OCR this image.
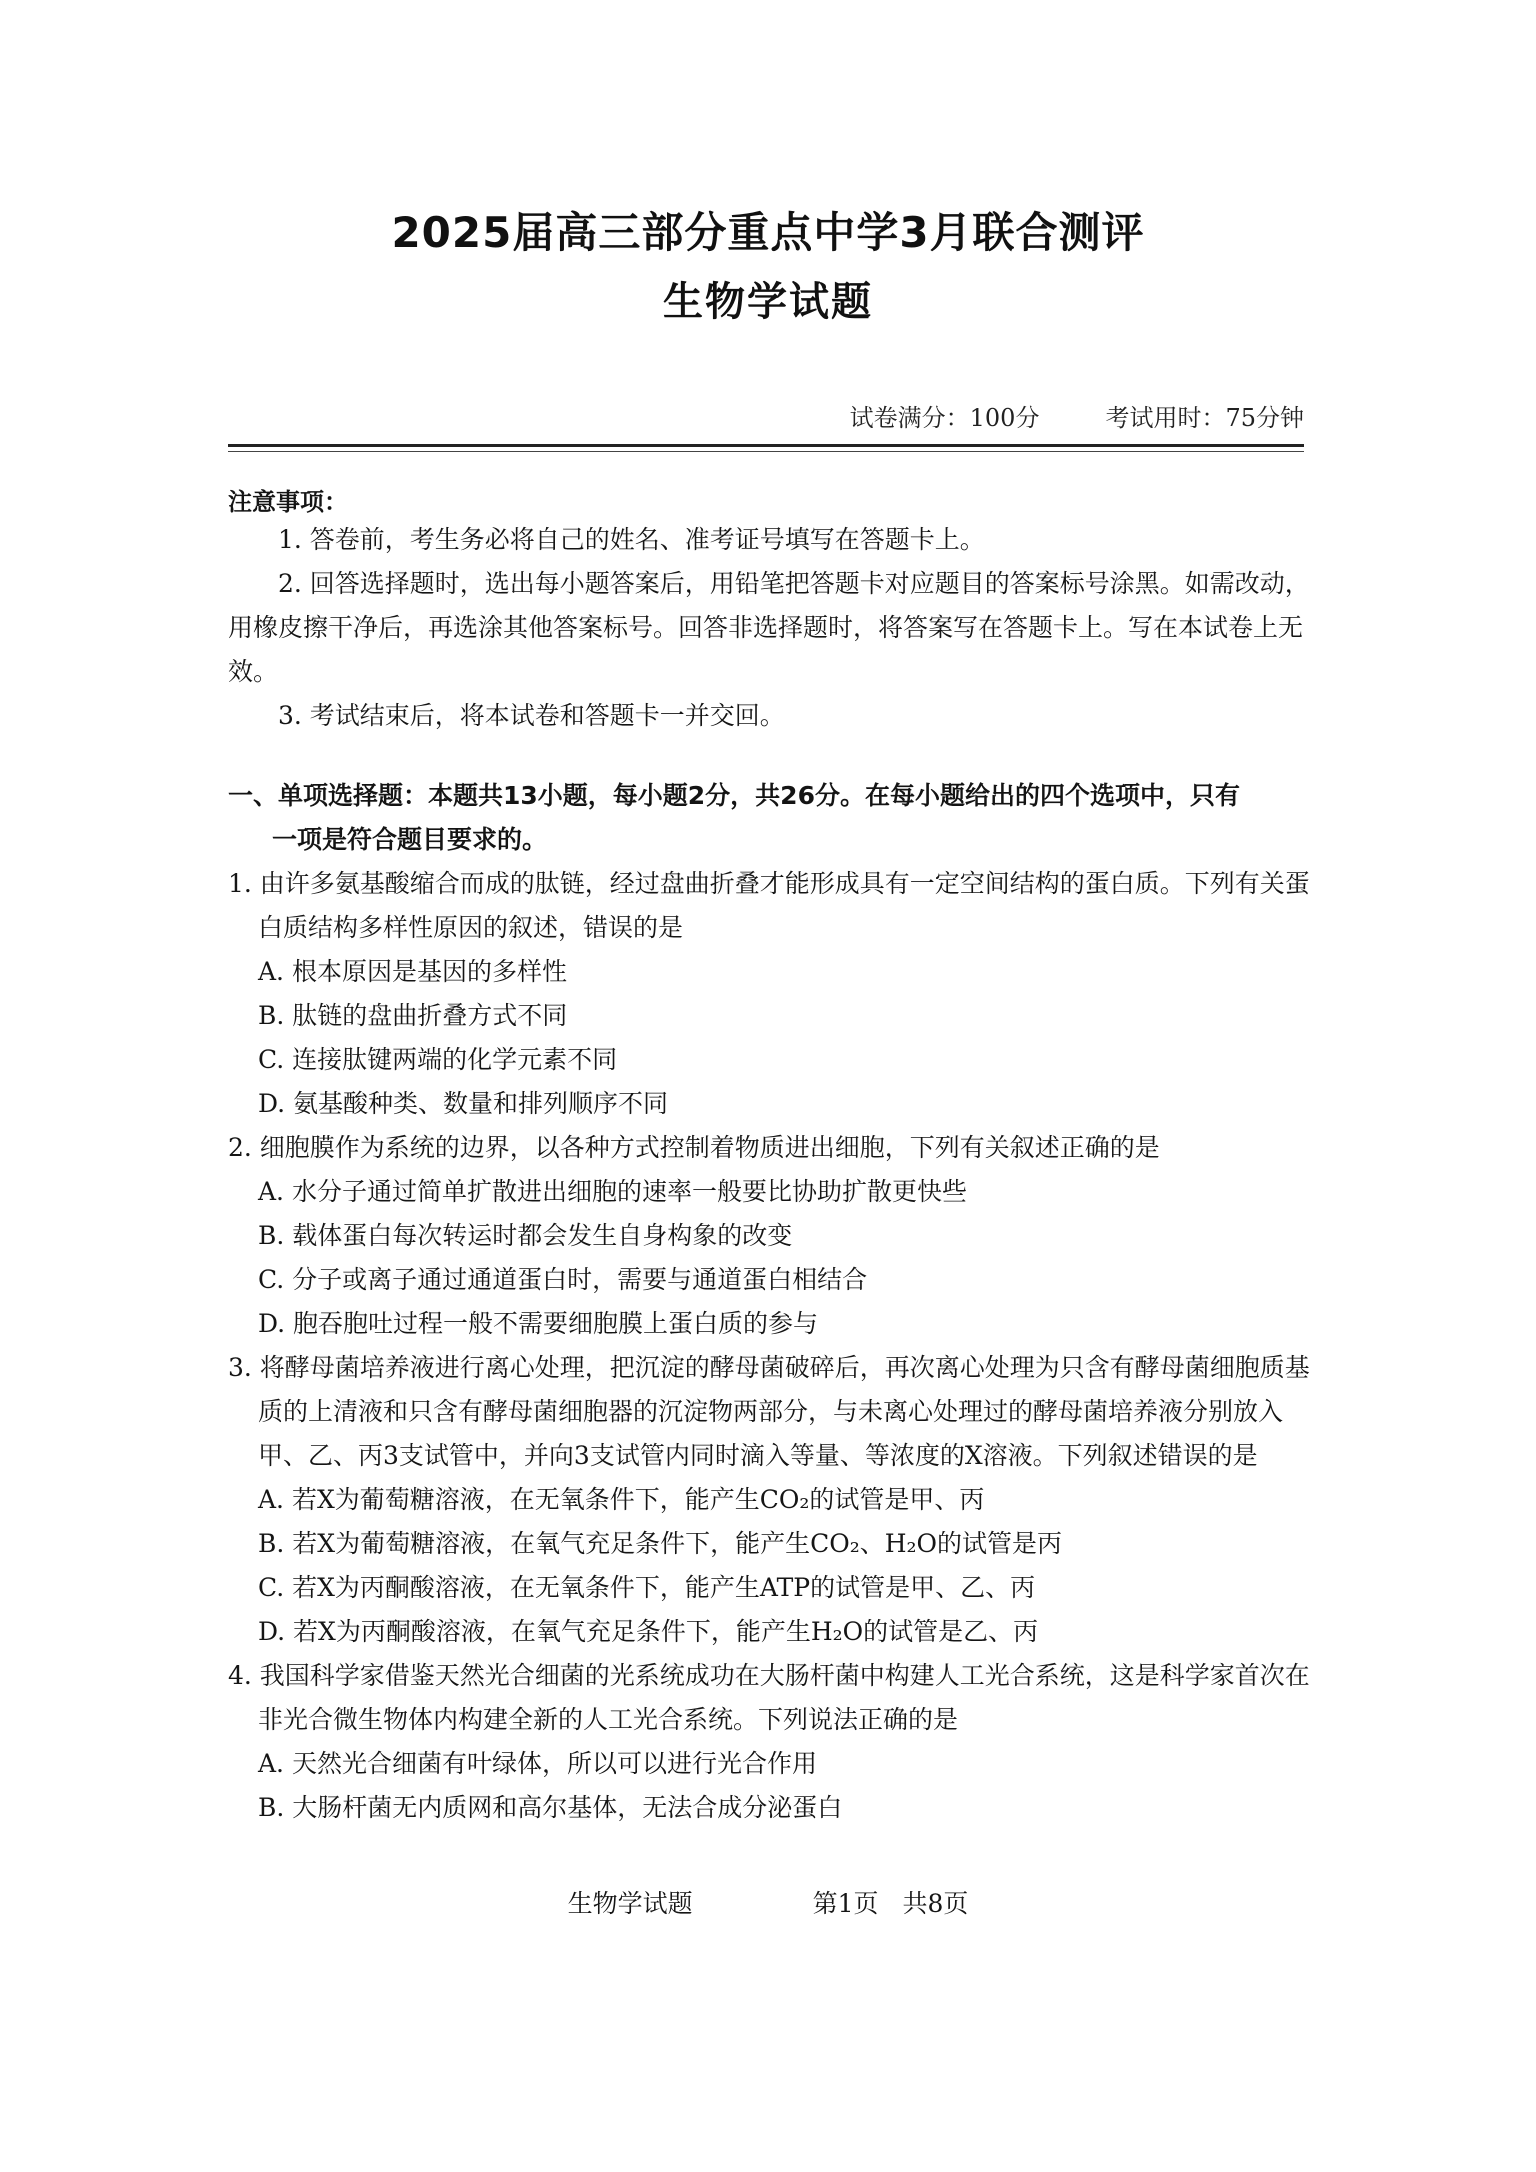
2025届高三部分重点中学3月联合测评
生物学试题
试卷满分：100分	考试用时：75分钟
注意事项：
1. 答卷前，考生务必将自己的姓名、准考证号填写在答题卡上。
2. 回答选择题时，选出每小题答案后，用铅笔把答题卡对应题目的答案标号涂黑。如需改动，用橡皮擦干净后，再选涂其他答案标号。回答非选择题时，将答案写在答题卡上。写在本试卷上无效。
3. 考试结束后，将本试卷和答题卡一并交回。
一、单项选择题：本题共13小题，每小题2分，共26分。在每小题给出的四个选项中，只有
一项是符合题目要求的。
1. 由许多氨基酸缩合而成的肽链，经过盘曲折叠才能形成具有一定空间结构的蛋白质。下列有关蛋白质结构多样性原因的叙述，错误的是
A. 根本原因是基因的多样性
B. 肽链的盘曲折叠方式不同
C. 连接肽键两端的化学元素不同
D. 氨基酸种类、数量和排列顺序不同
2. 细胞膜作为系统的边界，以各种方式控制着物质进出细胞，下列有关叙述正确的是
A. 水分子通过简单扩散进出细胞的速率一般要比协助扩散更快些
B. 载体蛋白每次转运时都会发生自身构象的改变
C. 分子或离子通过通道蛋白时，需要与通道蛋白相结合
D. 胞吞胞吐过程一般不需要细胞膜上蛋白质的参与
3. 将酵母菌培养液进行离心处理，把沉淀的酵母菌破碎后，再次离心处理为只含有酵母菌细胞质基质的上清液和只含有酵母菌细胞器的沉淀物两部分，与未离心处理过的酵母菌培养液分别放入甲、乙、丙3支试管中，并向3支试管内同时滴入等量、等浓度的X溶液。下列叙述错误的是
A. 若X为葡萄糖溶液，在无氧条件下，能产生CO₂的试管是甲、丙
B. 若X为葡萄糖溶液，在氧气充足条件下，能产生CO₂、H₂O的试管是丙
C. 若X为丙酮酸溶液，在无氧条件下，能产生ATP的试管是甲、乙、丙
D. 若X为丙酮酸溶液，在氧气充足条件下，能产生H₂O的试管是乙、丙
4. 我国科学家借鉴天然光合细菌的光系统成功在大肠杆菌中构建人工光合系统，这是科学家首次在非光合微生物体内构建全新的人工光合系统。下列说法正确的是
A. 天然光合细菌有叶绿体，所以可以进行光合作用
B. 大肠杆菌无内质网和高尔基体，无法合成分泌蛋白
生物学试题	第1页 共8页
